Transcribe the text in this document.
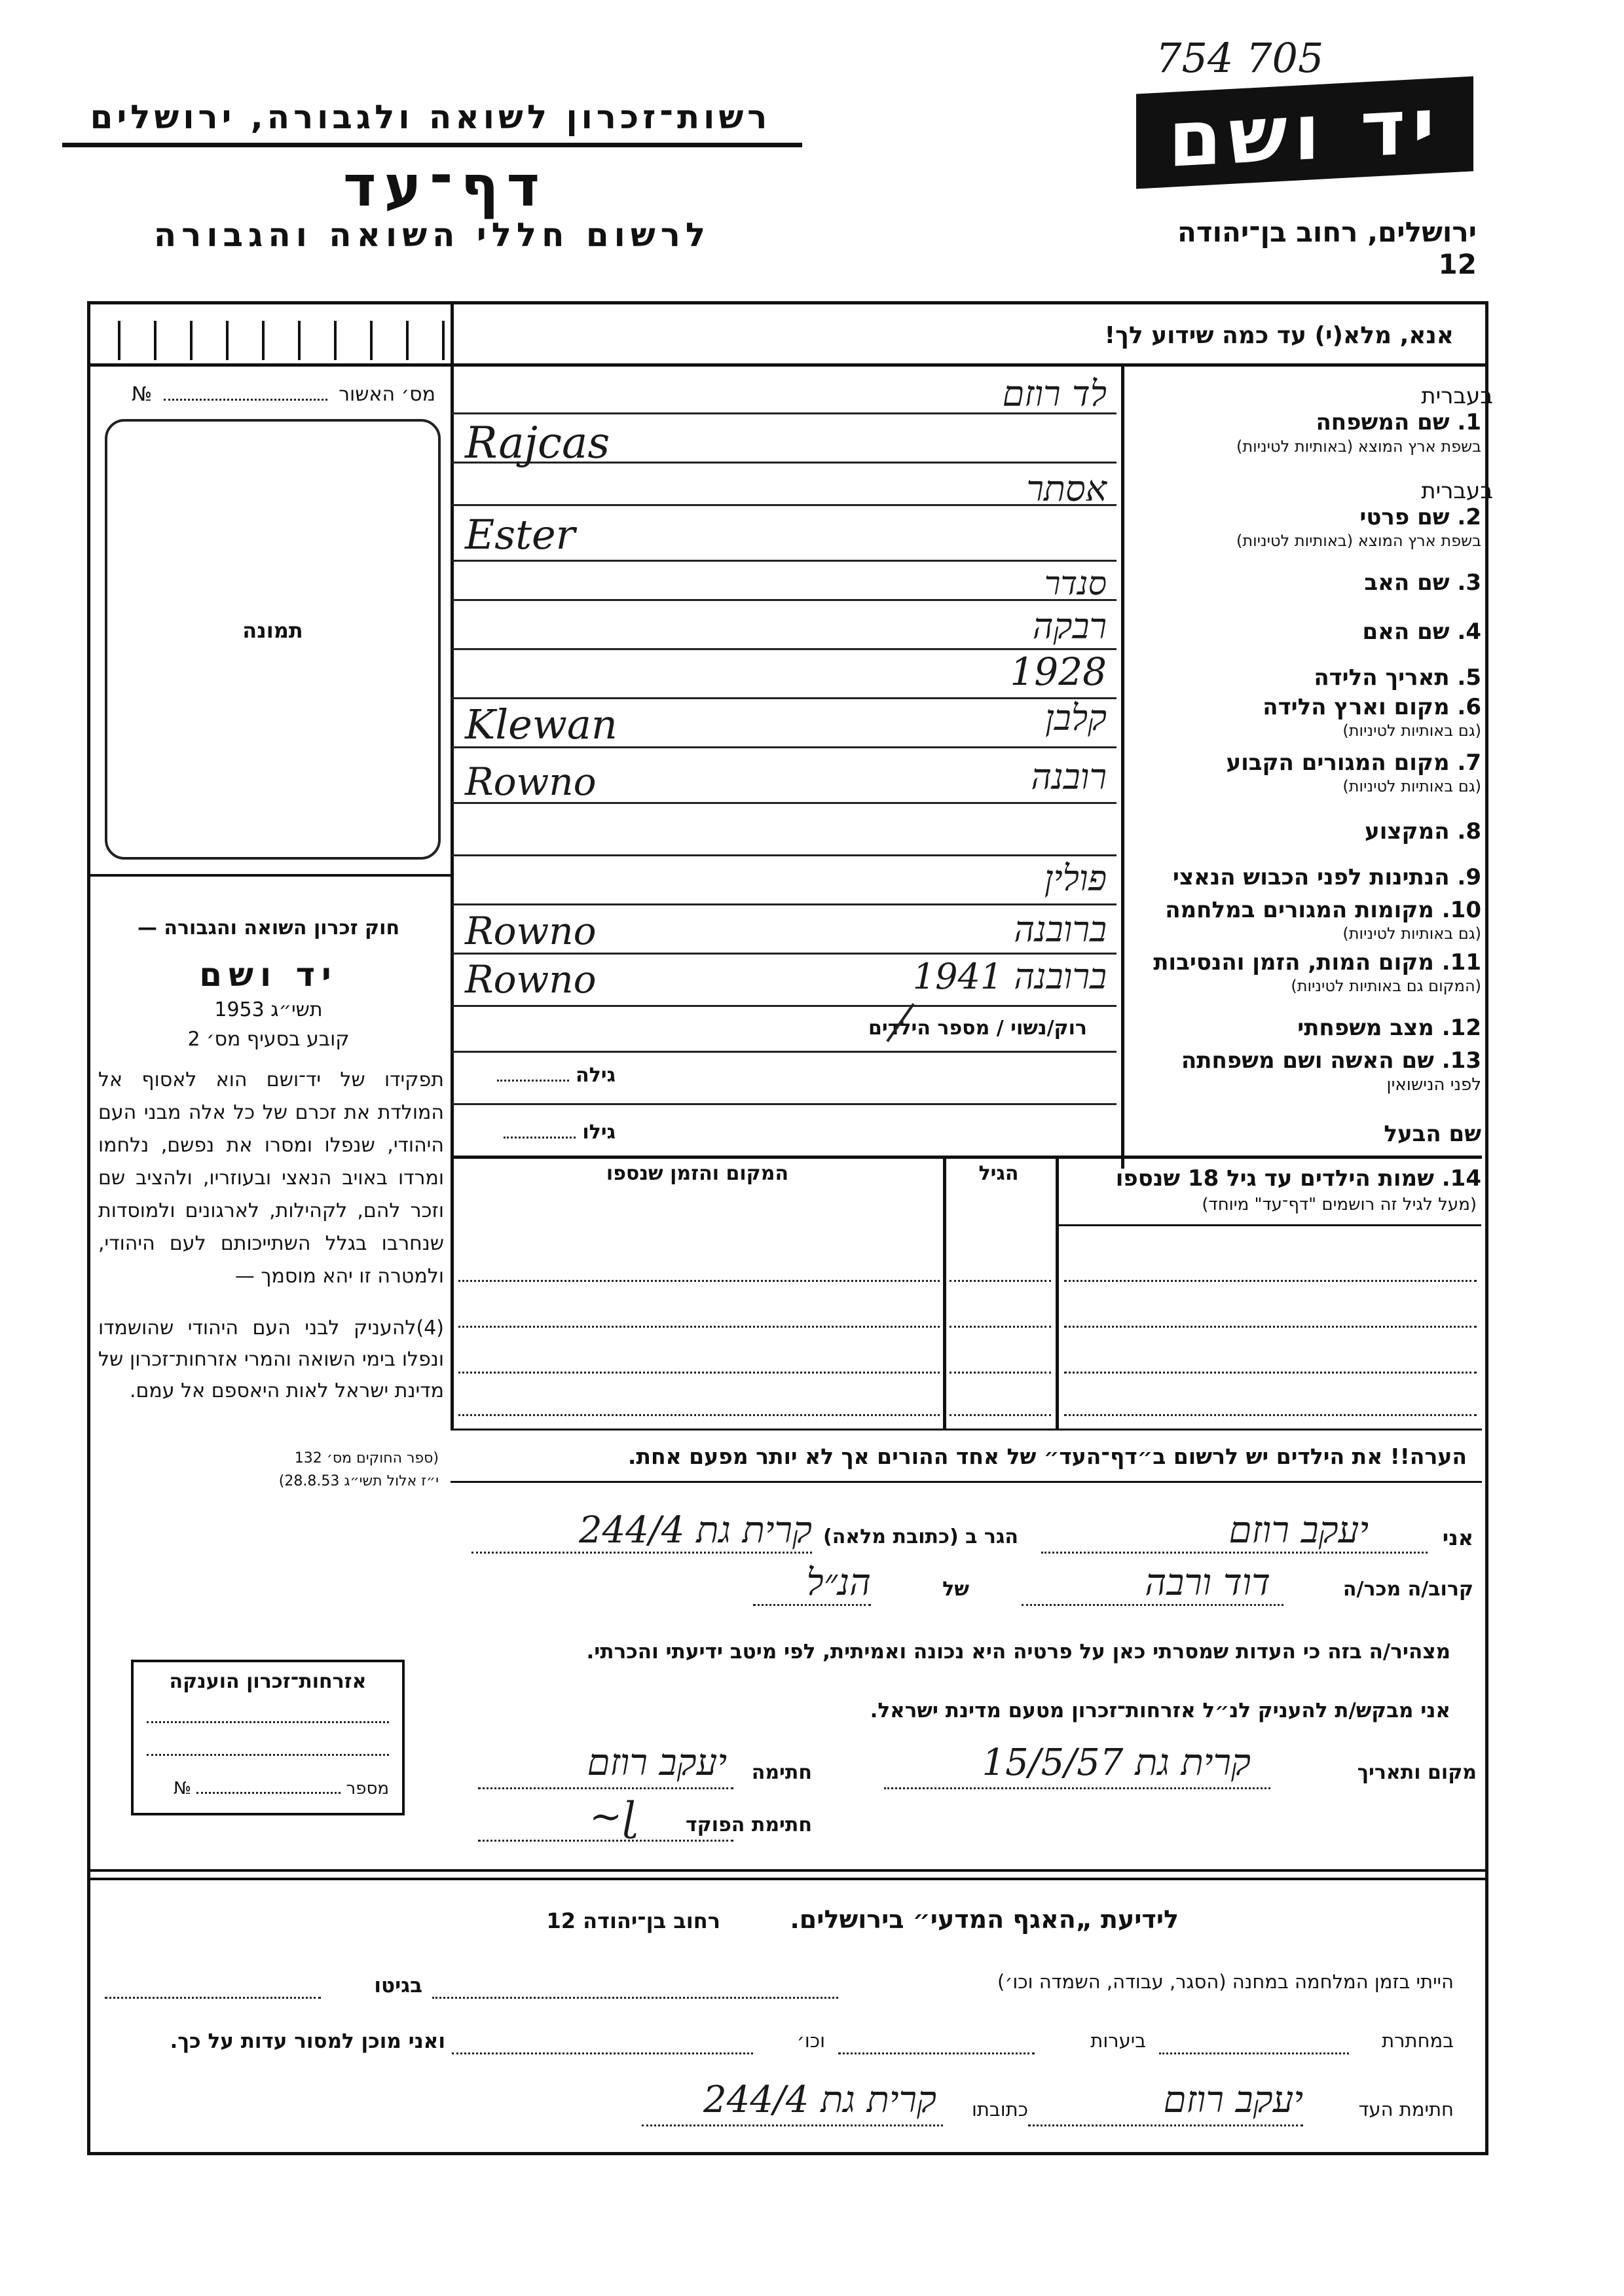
754 705
רשות־זכרון לשואה ולגבורה, ירושלים
דף־עד
לרשום חללי השואה והגבורה
יד ושם
ירושלים, רחוב בן־יהודה 12
אנא, מלא(י) עד כמה שידוע לך!
מס׳ האשור  №
תמונה
בעברית
1. שם המשפחה
בשפת ארץ המוצא (באותיות לטיניות)
בעברית
2. שם פרטי
בשפת ארץ המוצא (באותיות לטיניות)
3. שם האב
4. שם האם
5. תאריך הלידה
6. מקום וארץ הלידה
(גם באותיות לטיניות)
7. מקום המגורים הקבוע
(גם באותיות לטיניות)
8. המקצוע
9. הנתינות לפני הכבוש הנאצי
10. מקומות המגורים במלחמה
(גם באותיות לטיניות)
11. מקום המות, הזמן והנסיבות
(המקום גם באותיות לטיניות)
12. מצב משפחתי
13. שם האשה ושם משפחתה
לפני הנישואין
שם הבעל
רוק/נשוי / מספר הילדים
גילה
גילו
לד רוזם
Rajcas
אסתר
Ester
סנדר
רבקה
1928
קלבן
Klewan
רובנה
Rowno
פולין
ברובנה
Rowno
ברובנה 1941
Rowno
14. שמות הילדים עד גיל 18 שנספו
(מעל לגיל זה רושמים "דף־עד" מיוחד)
הגיל
המקום והזמן שנספו
חוק זכרון השואה והגבורה —
יד ושם
תשי״ג 1953
קובע בסעיף מס׳ 2
תפקידו של יד־ושם הוא לאסוף אל המולדת את זכרם של כל אלה מבני העם היהודי, שנפלו ומסרו את נפשם, נלחמו ומרדו באויב הנאצי ובעוזריו, ולהציב שם וזכר להם, לקהילות, לארגונים ולמוסדות שנחרבו בגלל השתייכותם לעם היהודי, ולמטרה זו יהא מוסמך —
(4)להעניק לבני העם היהודי שהושמדו ונפלו בימי השואה והמרי אזרחות־זכרון של מדינת ישראל לאות היאספם אל עמם.
(ספר החוקים מס׳ 132
י״ז אלול תשי״ג 28.8.53)
הערה!! את הילדים יש לרשום ב״דף־העד״ של אחד ההורים אך לא יותר מפעם אחת.
אני
יעקב רוזם
הגר ב (כתובת מלאה)
קרית גת 244/4
קרוב/ה מכר/ה
דוד ורבה
של
הנ״ל
מצהיר/ה בזה כי העדות שמסרתי כאן על פרטיה היא נכונה ואמיתית, לפי מיטב ידיעתי והכרתי.
אני מבקש/ת להעניק לנ״ל אזרחות־זכרון מטעם מדינת ישראל.
מקום ותאריך
קרית גת 15/5/57
חתימה
יעקב רוזם
חתימת הפוקד
~ɭ
אזרחות־זכרון הוענקה
מספר  №
לידיעת „האגף המדעי״ בירושלים.
רחוב בן־יהודה 12
הייתי בזמן המלחמה במחנה (הסגר, עבודה, השמדה וכו׳)
בגיטו
במחתרת
ביערות
וכו׳
ואני מוכן למסור עדות על כך.
חתימת העד
יעקב רוזם
כתובתו
קרית גת 244/4
